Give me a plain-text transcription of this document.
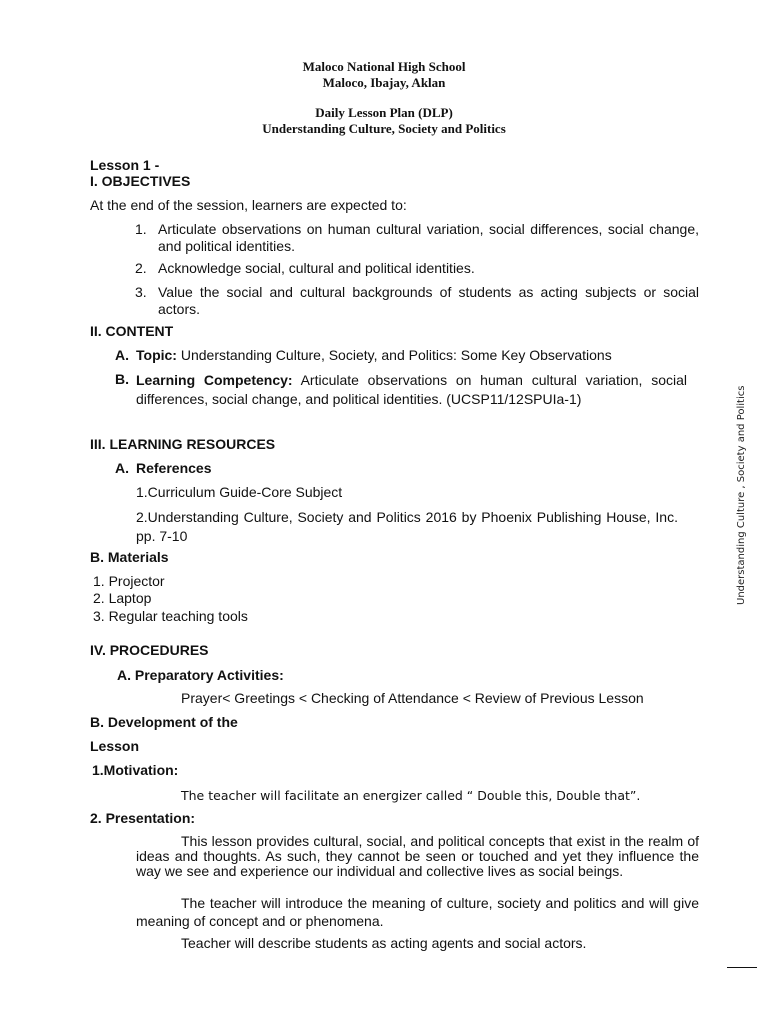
Maloco National High School
Maloco, Ibajay, Aklan
Daily Lesson Plan (DLP)
Understanding Culture, Society and Politics
Lesson 1 -
I. OBJECTIVES
At the end of the session, learners are expected to:
1. Articulate observations on human cultural variation, social differences, social change, and political identities.
2. Acknowledge social, cultural and political identities.
3. Value the social and cultural backgrounds of students as acting subjects or social actors.
II. CONTENT
A. Topic: Understanding Culture, Society, and Politics: Some Key Observations
B. Learning Competency: Articulate observations on human cultural variation, social differences, social change, and political identities. (UCSP11/12SPUIa-1)
III. LEARNING RESOURCES
A. References
1.Curriculum Guide-Core Subject
2.Understanding Culture, Society and Politics 2016 by Phoenix Publishing House, Inc. pp. 7-10
B. Materials
1. Projector
2. Laptop
3. Regular teaching tools
IV. PROCEDURES
A. Preparatory Activities:
Prayer< Greetings < Checking of Attendance < Review of Previous Lesson
B. Development of the
Lesson
1.Motivation:
The teacher will facilitate an energizer called “ Double this, Double that”.
2. Presentation:
This lesson provides cultural, social, and political concepts that exist in the realm of ideas and thoughts. As such, they cannot be seen or touched and yet they influence the way we see and experience our individual and collective lives as social beings.
The teacher will introduce the meaning of culture, society and politics and will give meaning of concept and or phenomena.
Teacher will describe students as acting agents and social actors.
Understanding Culture , Society and Politics
